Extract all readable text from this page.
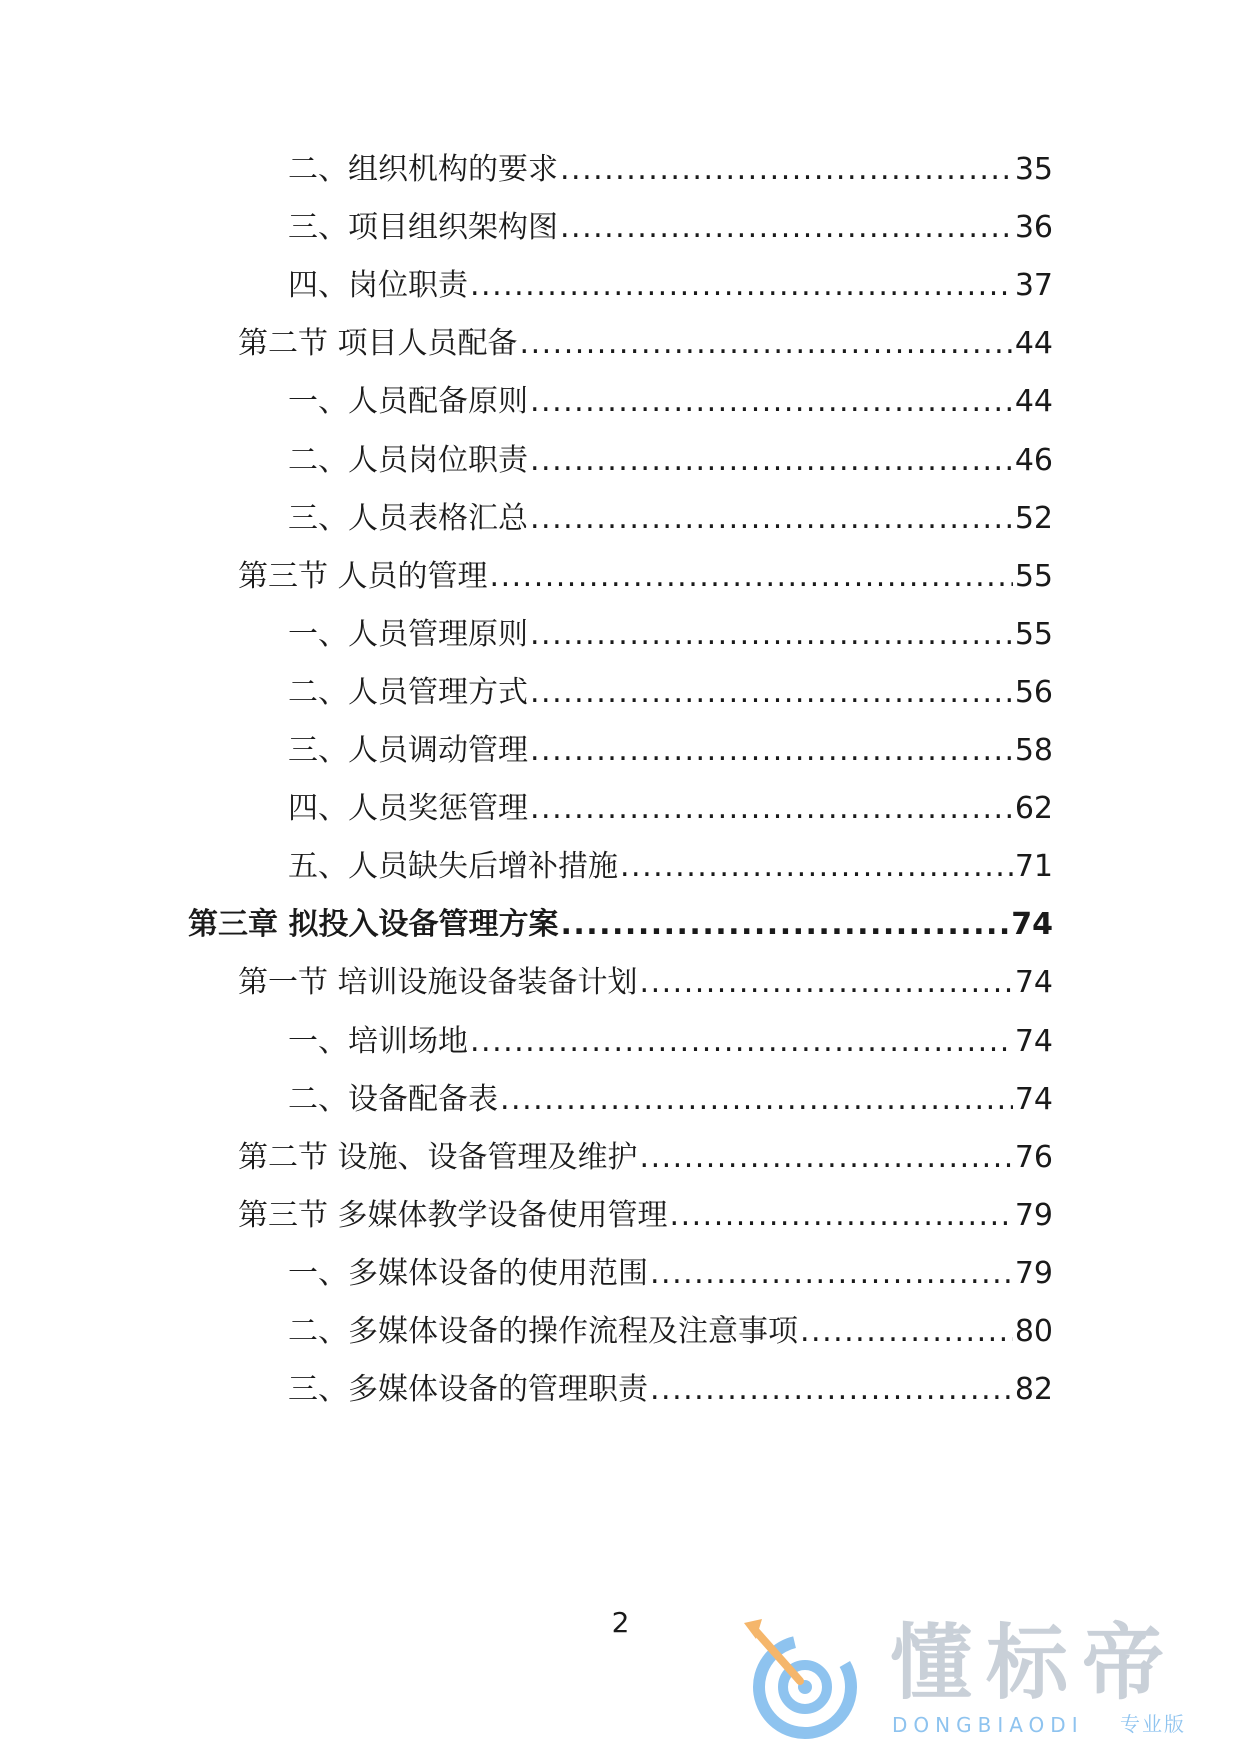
二、组织机构的要求 .....	35
三、项目组织架构图 .....	36
四、岗位职责 .....	37
第二节 项目人员配备 .....	44
一、人员配备原则 .....	44
二、人员岗位职责 .....	46
三、人员表格汇总 .....	52
第三节 人员的管理 .....	55
一、人员管理原则 .....	55
二、人员管理方式 .....	56
三、人员调动管理 .....	58
四、人员奖惩管理 .....	62
五、人员缺失后增补措施 .....	71
第三章 拟投入设备管理方案 .....	74
第一节 培训设施设备装备计划 .....	74
一、培训场地 .....	74
二、设备配备表 .....	74
第二节 设施、设备管理及维护 .....	76
第三节 多媒体教学设备使用管理 .....	79
一、多媒体设备的使用范围 .....	79
二、多媒体设备的操作流程及注意事项 .....	80
三、多媒体设备的管理职责 .....	82
2	懂标帝
DONGBIAODI 专业版
